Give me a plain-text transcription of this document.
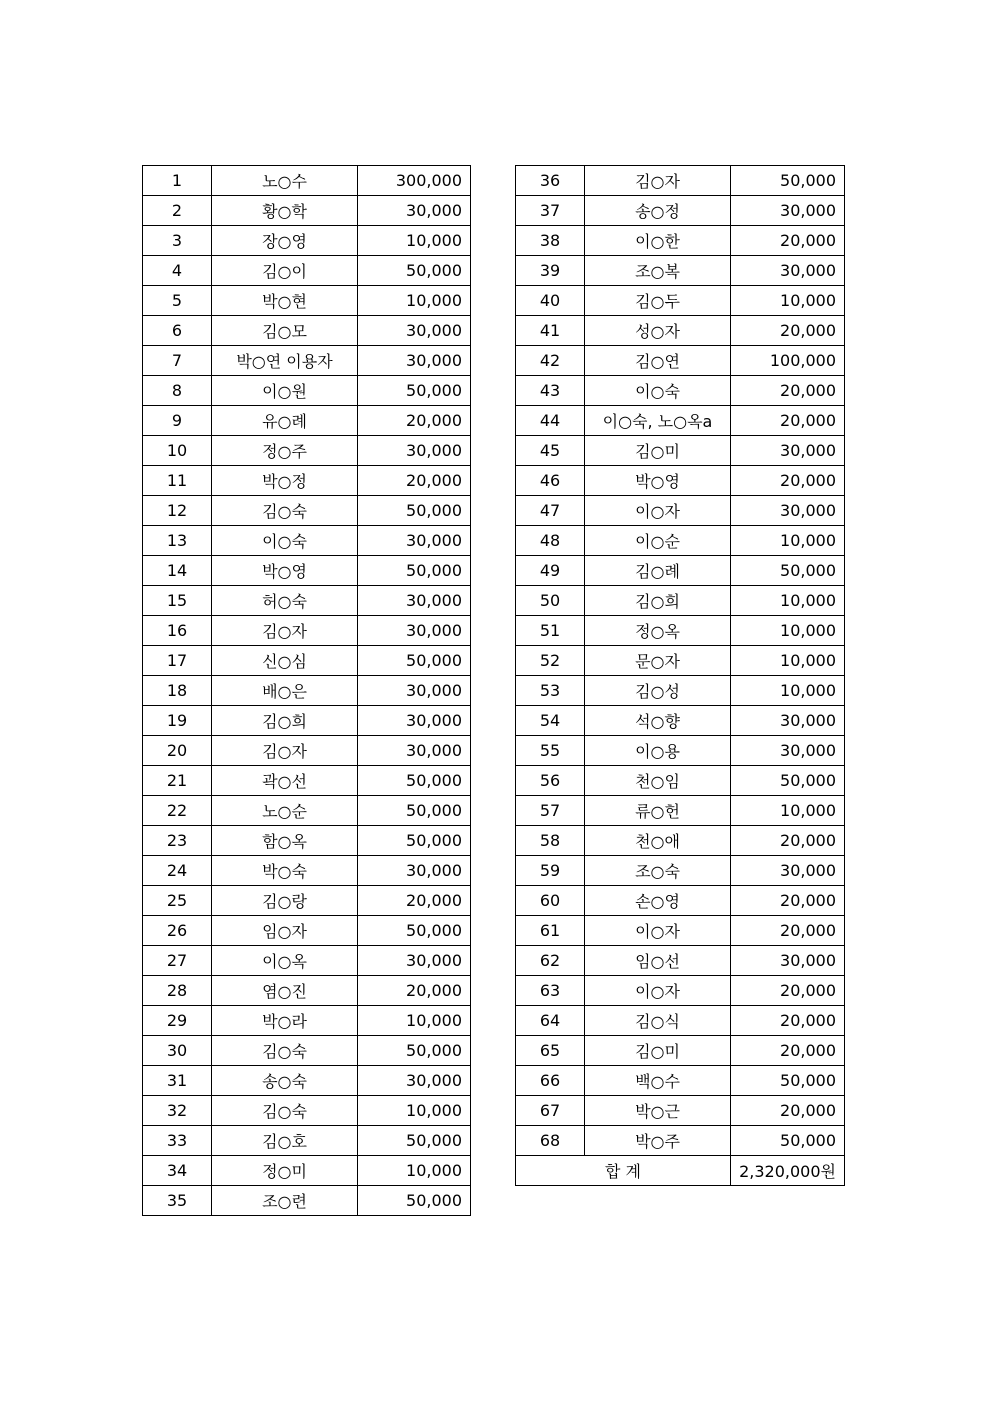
1	노○수	300,000
2	황○학	30,000
3	장○영	10,000
4	김○이	50,000
5	박○현	10,000
6	김○모	30,000
7	박○연 이용자	30,000
8	이○원	50,000
9	유○례	20,000
10	정○주	30,000
11	박○정	20,000
12	김○숙	50,000
13	이○숙	30,000
14	박○영	50,000
15	허○숙	30,000
16	김○자	30,000
17	신○심	50,000
18	배○은	30,000
19	김○희	30,000
20	김○자	30,000
21	곽○선	50,000
22	노○순	50,000
23	함○옥	50,000
24	박○숙	30,000
25	김○랑	20,000
26	임○자	50,000
27	이○옥	30,000
28	염○진	20,000
29	박○라	10,000
30	김○숙	50,000
31	송○숙	30,000
32	김○숙	10,000
33	김○호	50,000
34	정○미	10,000
35	조○련	50,000
36	김○자	50,000
37	송○정	30,000
38	이○한	20,000
39	조○복	30,000
40	김○두	10,000
41	성○자	20,000
42	김○연	100,000
43	이○숙	20,000
44	이○숙, 노○옥a	20,000
45	김○미	30,000
46	박○영	20,000
47	이○자	30,000
48	이○순	10,000
49	김○례	50,000
50	김○희	10,000
51	정○옥	10,000
52	문○자	10,000
53	김○성	10,000
54	석○향	30,000
55	이○용	30,000
56	천○임	50,000
57	류○헌	10,000
58	천○애	20,000
59	조○숙	30,000
60	손○영	20,000
61	이○자	20,000
62	임○선	30,000
63	이○자	20,000
64	김○식	20,000
65	김○미	20,000
66	백○수	50,000
67	박○근	20,000
68	박○주	50,000
합 계		2,320,000원
